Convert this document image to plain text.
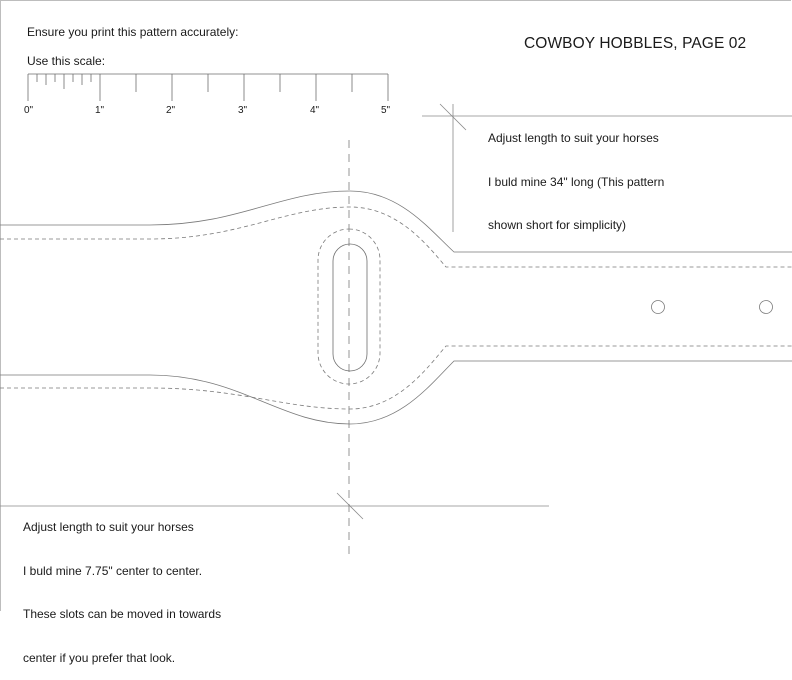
Ensure you print this pattern accurately:
Use this scale:
COWBOY HOBBLES, PAGE 02
0"	1"	2"	3"	4"	5"

Adjust length to suit your horses

I buld mine 34" long (This pattern

shown short for simplicity)

Adjust length to suit your horses

I buld mine 7.75" center to center.

These slots can be moved in towards

center if you prefer that look.
